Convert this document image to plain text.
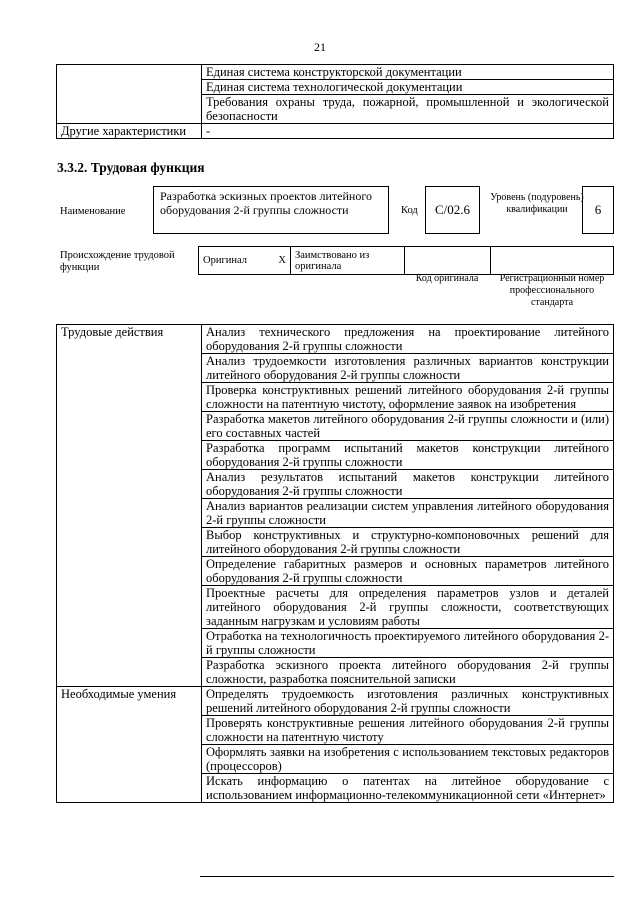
21
	Единая система конструкторской документации
	Единая система технологической документации
	Требования охраны труда, пожарной, промышленной и экологической безопасности
Другие характеристики	-
3.3.2. Трудовая функция
Наименование
Разработка эскизных проектов литейного оборудования 2-й группы сложности	Код	C/02.6
Уровень (подуровень) квалификации	6
Происхождение трудовой функции
Оригинал	X	Заимствовано из оригинала		
Код оригинала	Регистрационный номер профессионального стандарта
Трудовые действия	Анализ технического предложения на проектирование литейного оборудования 2-й группы сложности
	Анализ трудоемкости изготовления различных вариантов конструкции литейного оборудования 2-й группы сложности
	Проверка конструктивных решений литейного оборудования 2-й группы сложности на патентную чистоту, оформление заявок на изобретения
	Разработка макетов литейного оборудования 2-й группы сложности и (или) его составных частей
	Разработка программ испытаний макетов конструкции литейного оборудования 2-й группы сложности
	Анализ результатов испытаний макетов конструкции литейного оборудования 2-й группы сложности
	Анализ вариантов реализации систем управления литейного оборудования 2-й группы сложности
	Выбор конструктивных и структурно-компоновочных решений для литейного оборудования 2-й группы сложности
	Определение габаритных размеров и основных параметров литейного оборудования 2-й группы сложности
	Проектные расчеты для определения параметров узлов и деталей литейного оборудования 2-й группы сложности, соответствующих заданным нагрузкам и условиям работы
	Отработка на технологичность проектируемого литейного оборудования 2-й группы сложности
	Разработка эскизного проекта литейного оборудования 2-й группы сложности, разработка пояснительной записки
Необходимые умения	Определять трудоемкость изготовления различных конструктивных решений литейного оборудования 2-й группы сложности
	Проверять конструктивные решения литейного оборудования 2-й группы сложности на патентную чистоту
	Оформлять заявки на изобретения с использованием текстовых редакторов (процессоров)
	Искать информацию о патентах на литейное оборудование с использованием информационно-телекоммуникационной сети «Интернет»
